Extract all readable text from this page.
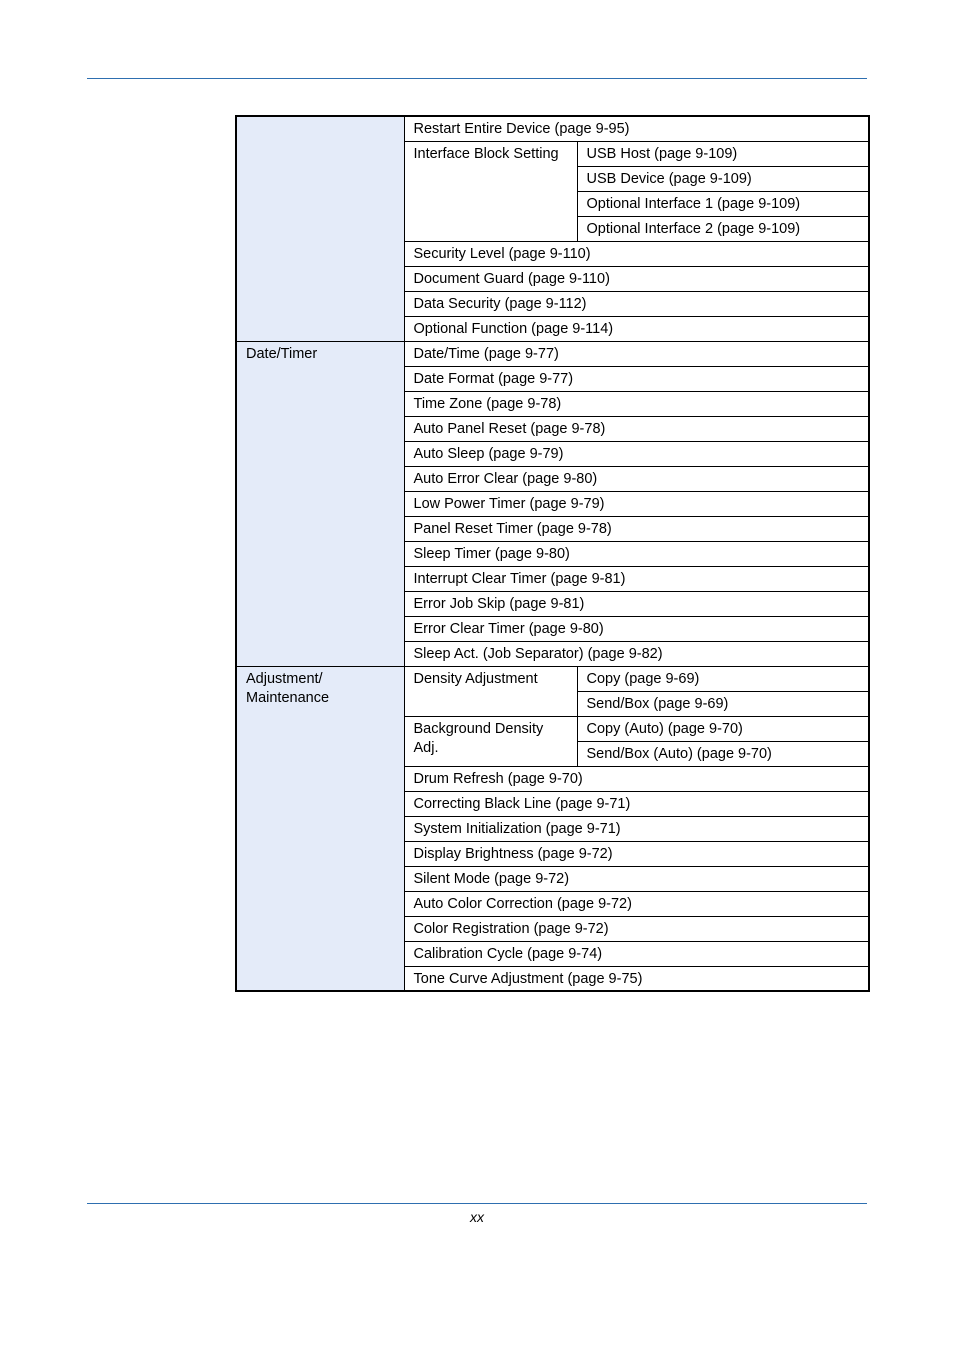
	Restart Entire Device (page 9-95)	
	Interface Block Setting	USB Host (page 9-109)
		USB Device (page 9-109)
		Optional Interface 1 (page 9-109)
		Optional Interface 2 (page 9-109)
	Security Level (page 9-110)	
	Document Guard (page 9-110)	
	Data Security (page 9-112)	
	Optional Function (page 9-114)	
Date/Timer	Date/Time (page 9-77)	
	Date Format (page 9-77)	
	Time Zone (page 9-78)	
	Auto Panel Reset (page 9-78)	
	Auto Sleep (page 9-79)	
	Auto Error Clear (page 9-80)	
	Low Power Timer (page 9-79)	
	Panel Reset Timer (page 9-78)	
	Sleep Timer (page 9-80)	
	Interrupt Clear Timer (page 9-81)	
	Error Job Skip (page 9-81)	
	Error Clear Timer (page 9-80)	
	Sleep Act. (Job Separator) (page 9-82)	
Adjustment/ Maintenance	Density Adjustment	Copy (page 9-69)
		Send/Box (page 9-69)
	Background Density Adj.	Copy (Auto) (page 9-70)
		Send/Box (Auto) (page 9-70)
	Drum Refresh (page 9-70)	
	Correcting Black Line (page 9-71)	
	System Initialization (page 9-71)	
	Display Brightness (page 9-72)	
	Silent Mode (page 9-72)	
	Auto Color Correction (page 9-72)	
	Color Registration (page 9-72)	
	Calibration Cycle (page 9-74)	
	Tone Curve Adjustment (page 9-75)	
xx
